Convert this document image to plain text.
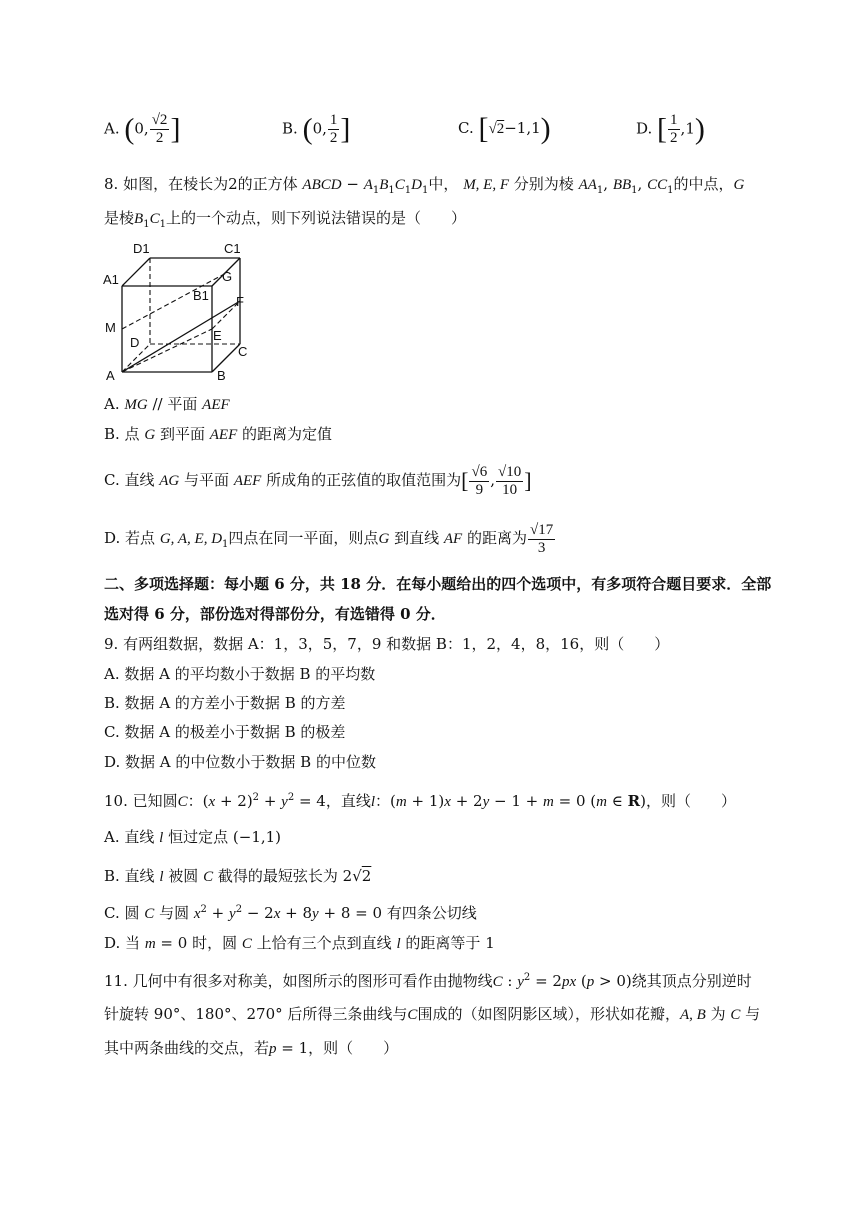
A. (0, $\frac{√2}{2}$ ]	B. (0, $\frac{1}{2}$ ]	C. [√2−1,1)	D. [ $\frac{1}{2} ,1$)
8. 如图，在棱长为2的正方体 ABCD − $A_1B_1C_1D_1$中， M, E, F 分别为棱 $AA_1$, $BB_1$, $CC_1$的中点，G
是棱$B_1C_1$上的一个动点，则下列说法错误的是（　　）
D1	C1
A1	G
B1 F
M
D	E
C
A	B
A. MG // 平面 AEF
B. 点 G 到平面 AEF 的距离为定值
C. 直线 AG 与平面 AEF 所成角的正弦值的取值范围为[ $\frac{√6}{9}$ , $\frac{√10}{10}$ ]
D. 若点 G, A, E, $D_1$四点在同一平面，则点G 到直线 AF 的距离为 $\frac{√17}{3}$
二、多项选择题：每小题 6 分，共 18 分．在每小题给出的四个选项中，有多项符合题目要求．全部
选对得 6 分，部份选对得部份分，有选错得 0 分．
9. 有两组数据，数据 A：1，3，5，7，9 和数据 B：1，2，4，8，16，则（　　）
A. 数据 A 的平均数小于数据 B 的平均数
B. 数据 A 的方差小于数据 B 的方差
C. 数据 A 的极差小于数据 B 的极差
D. 数据 A 的中位数小于数据 B 的中位数
10. 已知圆C：$(x + 2)^2 + y^2 = 4$，直线l：(m + 1)x + 2y − 1 + m = 0 (m ∈ R)，则（　　）
A. 直线 l 恒过定点 (−1,1)
B. 直线 l 被圆 C 截得的最短弦长为 2√2
C. 圆 C 与圆 $x^2 + y^2 - 2x + 8y + 8 = 0$ 有四条公切线
D. 当 m = 0 时，圆 C 上恰有三个点到直线 l 的距离等于 1
11. 几何中有很多对称美，如图所示的图形可看作由抛物线C : $y^2 = 2px$ (p > 0)绕其顶点分别逆时
针旋转 90°、180°、270° 后所得三条曲线与C围成的（如图阴影区域），形状如花瓣，A, B 为 C 与
其中两条曲线的交点，若p = 1，则（　　）
